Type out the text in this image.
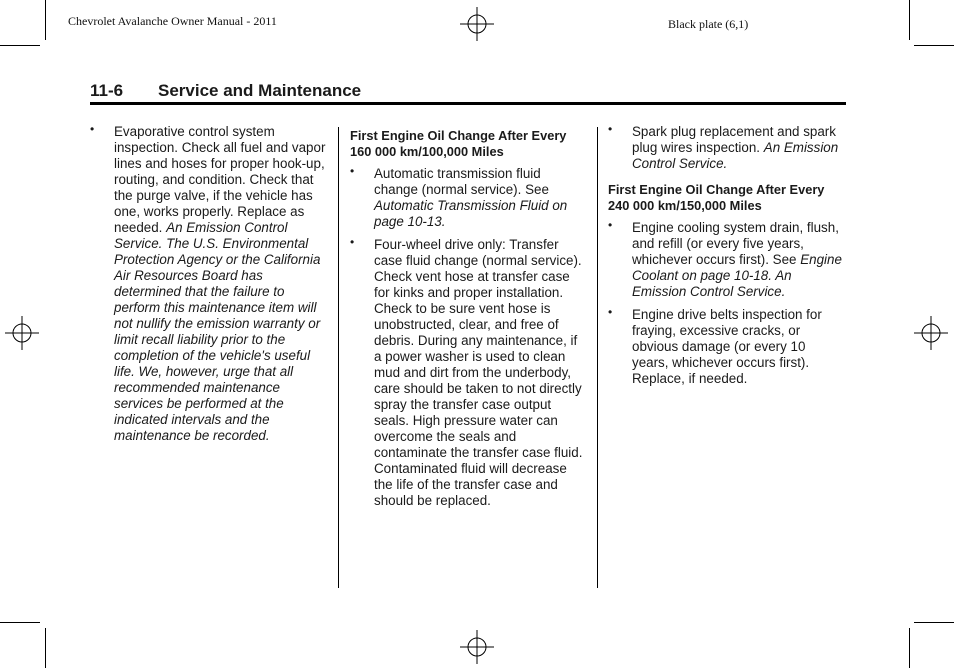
Chevrolet Avalanche Owner Manual - 2011	Black plate (6,1)
11-6 Service and Maintenance
• Evaporative control system inspection. Check all fuel and vapor lines and hoses for proper hook-up, routing, and condition. Check that the purge valve, if the vehicle has one, works properly. Replace as needed. An Emission Control Service. The U.S. Environmental Protection Agency or the California Air Resources Board has determined that the failure to perform this maintenance item will not nullify the emission warranty or limit recall liability prior to the completion of the vehicle's useful life. We, however, urge that all recommended maintenance services be performed at the indicated intervals and the maintenance be recorded.
First Engine Oil Change After Every 160 000 km/100,000 Miles
• Automatic transmission fluid change (normal service). See Automatic Transmission Fluid on page 10-13.
• Four-wheel drive only: Transfer case fluid change (normal service). Check vent hose at transfer case for kinks and proper installation. Check to be sure vent hose is unobstructed, clear, and free of debris. During any maintenance, if a power washer is used to clean mud and dirt from the underbody, care should be taken to not directly spray the transfer case output seals. High pressure water can overcome the seals and contaminate the transfer case fluid. Contaminated fluid will decrease the life of the transfer case and should be replaced.
• Spark plug replacement and spark plug wires inspection. An Emission Control Service.
First Engine Oil Change After Every 240 000 km/150,000 Miles
• Engine cooling system drain, flush, and refill (or every five years, whichever occurs first). See Engine Coolant on page 10-18. An Emission Control Service.
• Engine drive belts inspection for fraying, excessive cracks, or obvious damage (or every 10 years, whichever occurs first). Replace, if needed.
